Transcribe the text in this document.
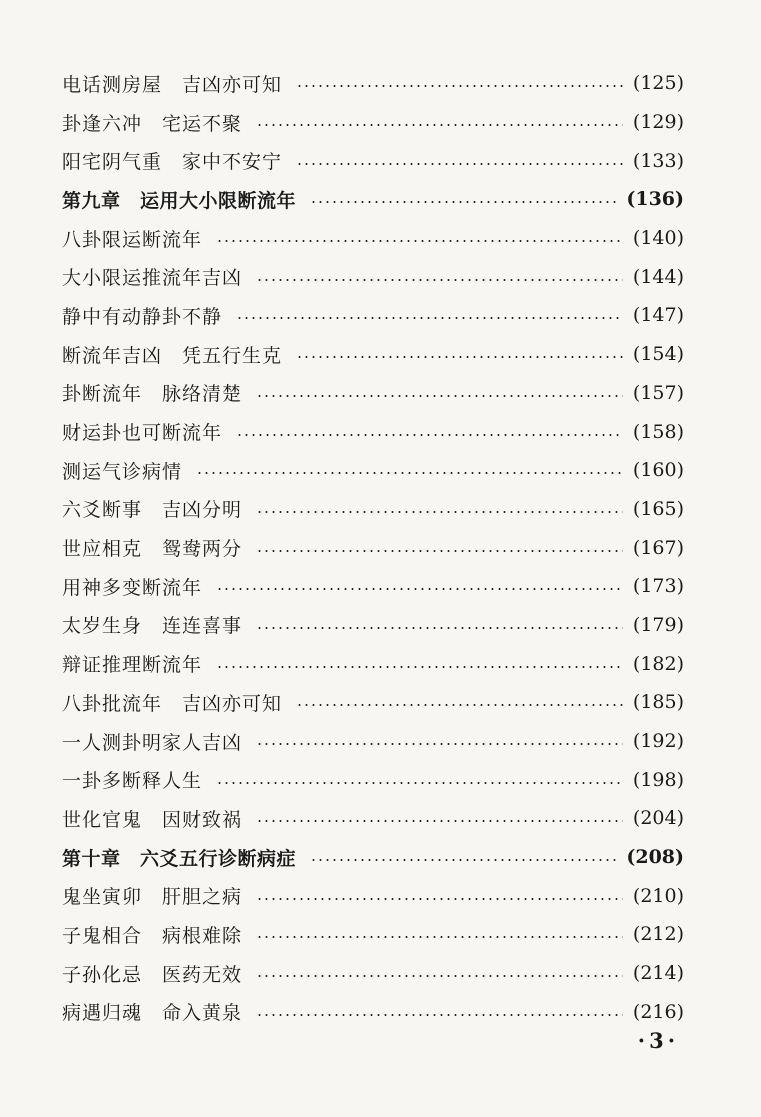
电话测房屋　吉凶亦可知	(125)
卦逢六冲　宅运不聚	(129)
阳宅阴气重　家中不安宁	(133)
第九章　运用大小限断流年	(136)
八卦限运断流年	(140)
大小限运推流年吉凶	(144)
静中有动静卦不静	(147)
断流年吉凶　凭五行生克	(154)
卦断流年　脉络清楚	(157)
财运卦也可断流年	(158)
测运气诊病情	(160)
六爻断事　吉凶分明	(165)
世应相克　鸳鸯两分	(167)
用神多变断流年	(173)
太岁生身　连连喜事	(179)
辩证推理断流年	(182)
八卦批流年　吉凶亦可知	(185)
一人测卦明家人吉凶	(192)
一卦多断释人生	(198)
世化官鬼　因财致祸	(204)
第十章　六爻五行诊断病症	(208)
鬼坐寅卯　肝胆之病	(210)
子鬼相合　病根难除	(212)
子孙化忌　医药无效	(214)
病遇归魂　命入黄泉	(216)
·3·
